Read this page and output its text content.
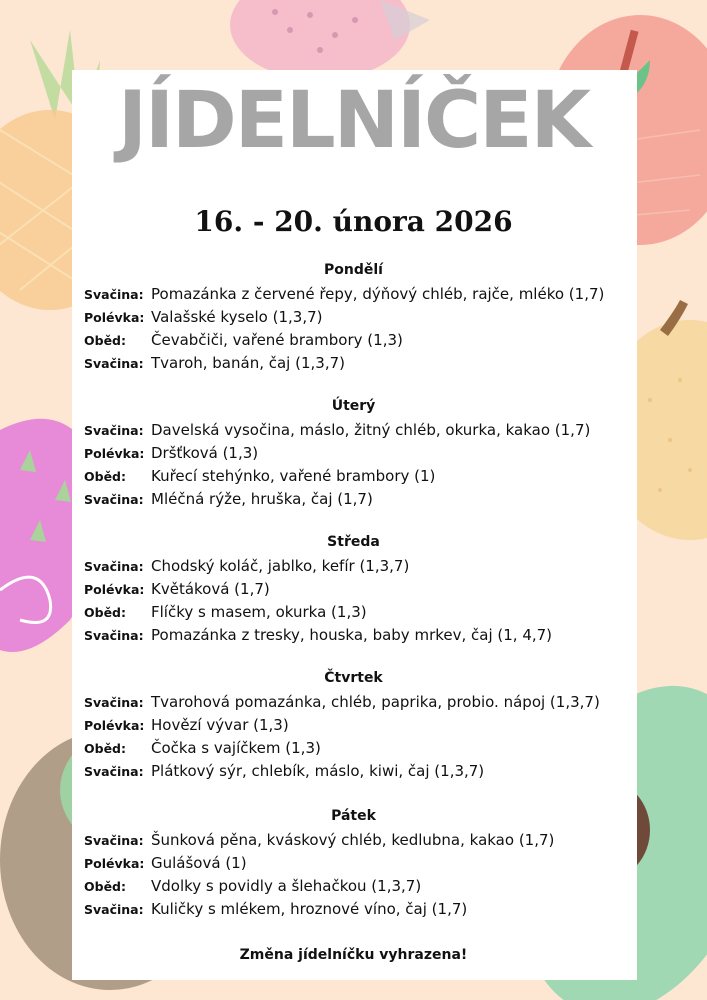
JÍDELNÍČEK
16. - 20. února 2026
Pondělí
Svačina: Pomazánka z červené řepy, dýňový chléb, rajče, mléko (1,7)
Polévka: Valašské kyselo (1,3,7)
Oběd: Čevabčiči, vařené brambory (1,3)
Svačina: Tvaroh, banán, čaj (1,3,7)
Úterý
Svačina: Davelská vysočina, máslo, žitný chléb, okurka, kakao (1,7)
Polévka: Dršťková (1,3)
Oběd: Kuřecí stehýnko, vařené brambory (1)
Svačina: Mléčná rýže, hruška, čaj (1,7)
Středa
Svačina: Chodský koláč, jablko, kefír (1,3,7)
Polévka: Květáková (1,7)
Oběd: Flíčky s masem, okurka (1,3)
Svačina: Pomazánka z tresky, houska, baby mrkev, čaj (1, 4,7)
Čtvrtek
Svačina: Tvarohová pomazánka, chléb, paprika, probio. nápoj (1,3,7)
Polévka: Hovězí vývar (1,3)
Oběd: Čočka s vajíčkem (1,3)
Svačina: Plátkový sýr, chlebík, máslo, kiwi, čaj (1,3,7)
Pátek
Svačina: Šunková pěna, kváskový chléb, kedlubna, kakao (1,7)
Polévka: Gulášová (1)
Oběd: Vdolky s povidly a šlehačkou (1,3,7)
Svačina: Kuličky s mlékem, hroznové víno, čaj (1,7)
Změna jídelníčku vyhrazena!
